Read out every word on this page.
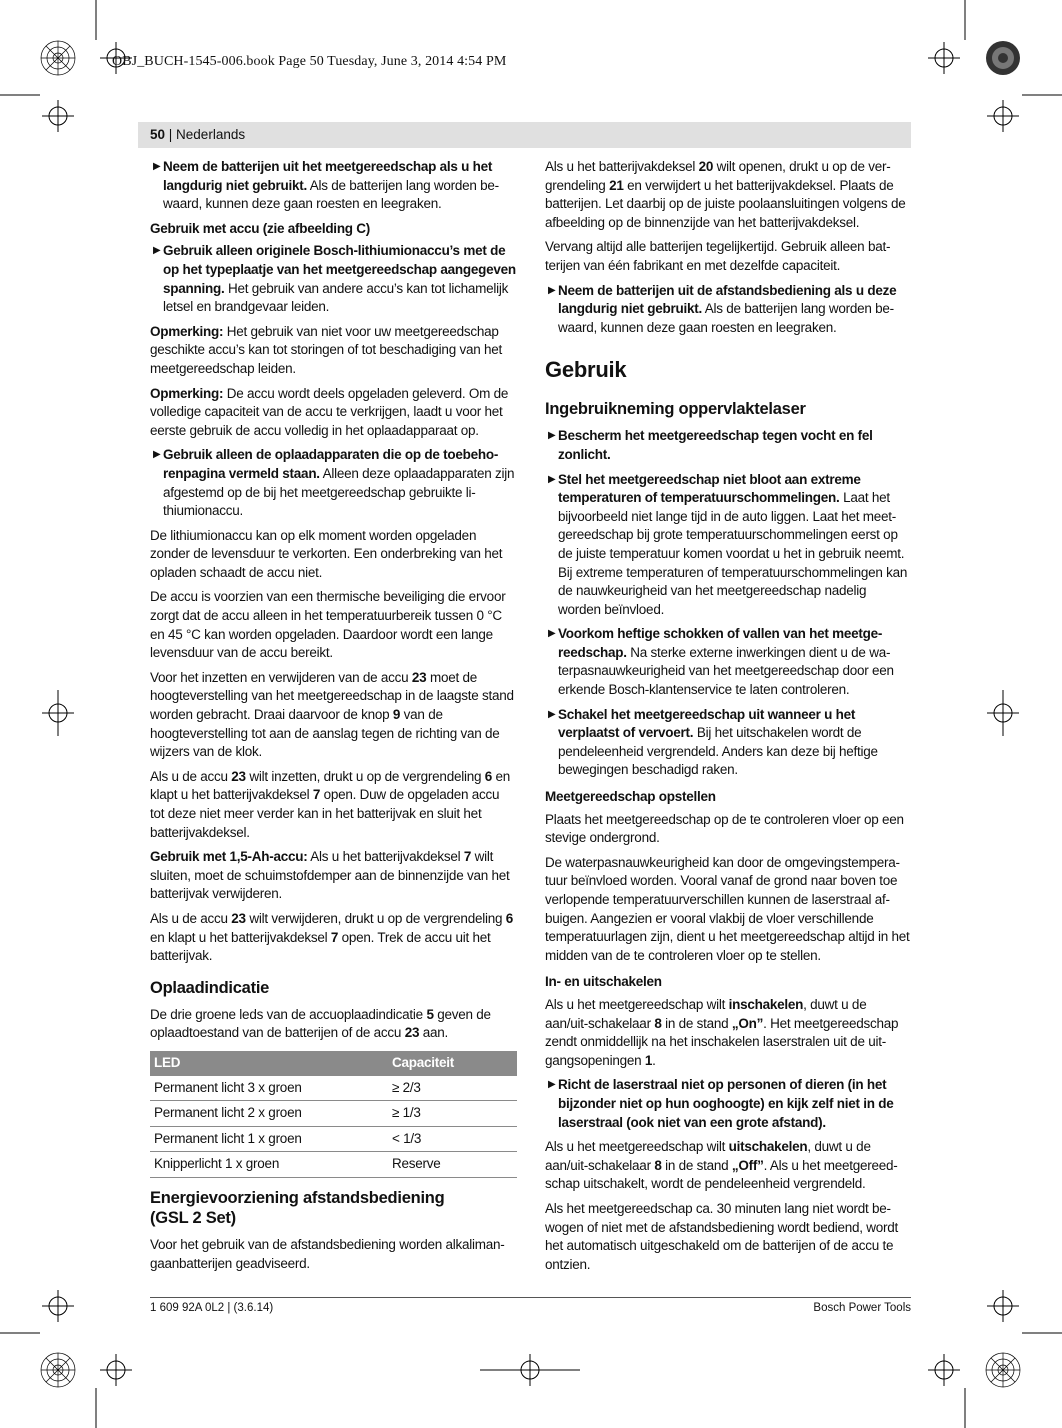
OBJ_BUCH-1545-006.book Page 50 Tuesday, June 3, 2014 4:54 PM
50 | Nederlands
▶ Neem de batterijen uit het meetgereedschap als u het langdurig niet gebruikt. Als de batterijen lang worden bewaard, kunnen deze gaan roesten en leegraken.
Gebruik met accu (zie afbeelding C)
▶ Gebruik alleen originele Bosch-lithiumionaccu’s met de op het typeplaatje van het meetgereedschap aangegeven spanning. Het gebruik van andere accu’s kan tot lichamelijk letsel en brandgevaar leiden.

Opmerking: Het gebruik van niet voor uw meetgereedschap geschikte accu’s kan tot storingen of tot beschadiging van het meetgereedschap leiden.

Opmerking: De accu wordt deels opgeladen geleverd. Om de volledige capaciteit van de accu te verkrijgen, laadt u voor het eerste gebruik de accu volledig in het oplaadapparaat op.

▶ Gebruik alleen de oplaadapparaten die op de toebehorenpagina vermeld staan. Alleen deze oplaadapparaten zijn afgestemd op de bij het meetgereedschap gebruikte lithiumionaccu.

De lithiumionaccu kan op elk moment worden opgeladen zonder de levensduur te verkorten. Een onderbreking van het opladen schaadt de accu niet.

De accu is voorzien van een thermische beveiliging die ervoor zorgt dat de accu alleen in het temperatuurbereik tussen 0 °C en 45 °C kan worden opgeladen. Daardoor wordt een lange levensduur van de accu bereikt.

Voor het inzetten en verwijderen van de accu 23 moet de hoogteverstelling van het meetgereedschap in de laagste stand worden gebracht. Draai daarvoor de knop 9 van de hoogteverstelling tot aan de aanslag tegen de richting van de wijzers van de klok.

Als u de accu 23 wilt inzetten, drukt u op de vergrendeling 6 en klapt u het batterijvakdeksel 7 open. Duw de opgeladen accu tot deze niet meer verder kan in het batterijvak en sluit het batterijvakdeksel.

Gebruik met 1,5-Ah-accu: Als u het batterijvakdeksel 7 wilt sluiten, moet de schuimstofdemper aan de binnenzijde van het batterijvak verwijderen.

Als u de accu 23 wilt verwijderen, drukt u op de vergrendeling 6 en klapt u het batterijvakdeksel 7 open. Trek de accu uit het batterijvak.

Oplaadindicatie

De drie groene leds van de accuoplaadindicatie 5 geven de oplaadtoestand van de batterijen of de accu 23 aan.

LED	Capaciteit
Permanent licht 3 x groen	≥ 2/3
Permanent licht 2 x groen	≥ 1/3
Permanent licht 1 x groen	< 1/3
Knipperlicht 1 x groen	Reserve
Energievoorziening afstandsbediening
(GSL 2 Set)

Voor het gebruik van de afstandsbediening worden alkalimangaanbatterijen geadviseerd.

Als u het batterijvakdeksel 20 wilt openen, drukt u op de vergrendeling 21 en verwijdert u het batterijvakdeksel. Plaats de batterijen. Let daarbij op de juiste poolaansluitingen volgens de afbeelding op de binnenzijde van het batterijvakdeksel.

Vervang altijd alle batterijen tegelijkertijd. Gebruik alleen batterijen van één fabrikant en met dezelfde capaciteit.

▶ Neem de batterijen uit de afstandsbediening als u deze langdurig niet gebruikt. Als de batterijen lang worden bewaard, kunnen deze gaan roesten en leegraken.
Gebruik
Ingebruikneming oppervlaktelaser
▶ Bescherm het meetgereedschap tegen vocht en fel zonlicht.
▶ Stel het meetgereedschap niet bloot aan extreme temperaturen of temperatuurschommelingen. Laat het bijvoorbeeld niet lange tijd in de auto liggen. Laat het meetgereedschap bij grote temperatuurschommelingen eerst op de juiste temperatuur komen voordat u het in gebruik neemt. Bij extreme temperaturen of temperatuurschommelingen kan de nauwkeurigheid van het meetgereedschap nadelig worden beïnvloed.
▶ Voorkom heftige schokken of vallen van het meetgereedschap. Na sterke externe inwerkingen dient u de waterpasnauwkeurigheid van het meetgereedschap door een erkende Bosch-klantenservice te laten controleren.
▶ Schakel het meetgereedschap uit wanneer u het verplaatst of vervoert. Bij het uitschakelen wordt de pendeleenheid vergrendeld. Anders kan deze bij heftige bewegingen beschadigd raken.
Meetgereedschap opstellen

Plaats het meetgereedschap op de te controleren vloer op een stevige ondergrond.

De waterpasnauwkeurigheid kan door de omgevingstemperatuur beïnvloed worden. Vooral vanaf de grond naar boven toe verlopende temperatuurverschillen kunnen de laserstraal afbuigen. Aangezien er vooral vlakbij de vloer verschillende temperatuurlagen zijn, dient u het meetgereedschap altijd in het midden van de te controleren vloer op te stellen.

In- en uitschakelen

Als u het meetgereedschap wilt inschakelen, duwt u de aan/uit-schakelaar 8 in de stand „On”. Het meetgereedschap zendt onmiddellijk na het inschakelen laserstralen uit de uitgangsopeningen 1.

▶ Richt de laserstraal niet op personen of dieren (in het bijzonder niet op hun ooghoogte) en kijk zelf niet in de laserstraal (ook niet van een grote afstand).

Als u het meetgereedschap wilt uitschakelen, duwt u de aan/uit-schakelaar 8 in de stand „Off”. Als u het meetgereedschap uitschakelt, wordt de pendeleenheid vergrendeld.

Als het meetgereedschap ca. 30 minuten lang niet wordt bewogen of niet met de afstandsbediening wordt bediend, wordt het automatisch uitgeschakeld om de batterijen of de accu te ontzien.

1 609 92A 0L2 | (3.6.14)	Bosch Power Tools
